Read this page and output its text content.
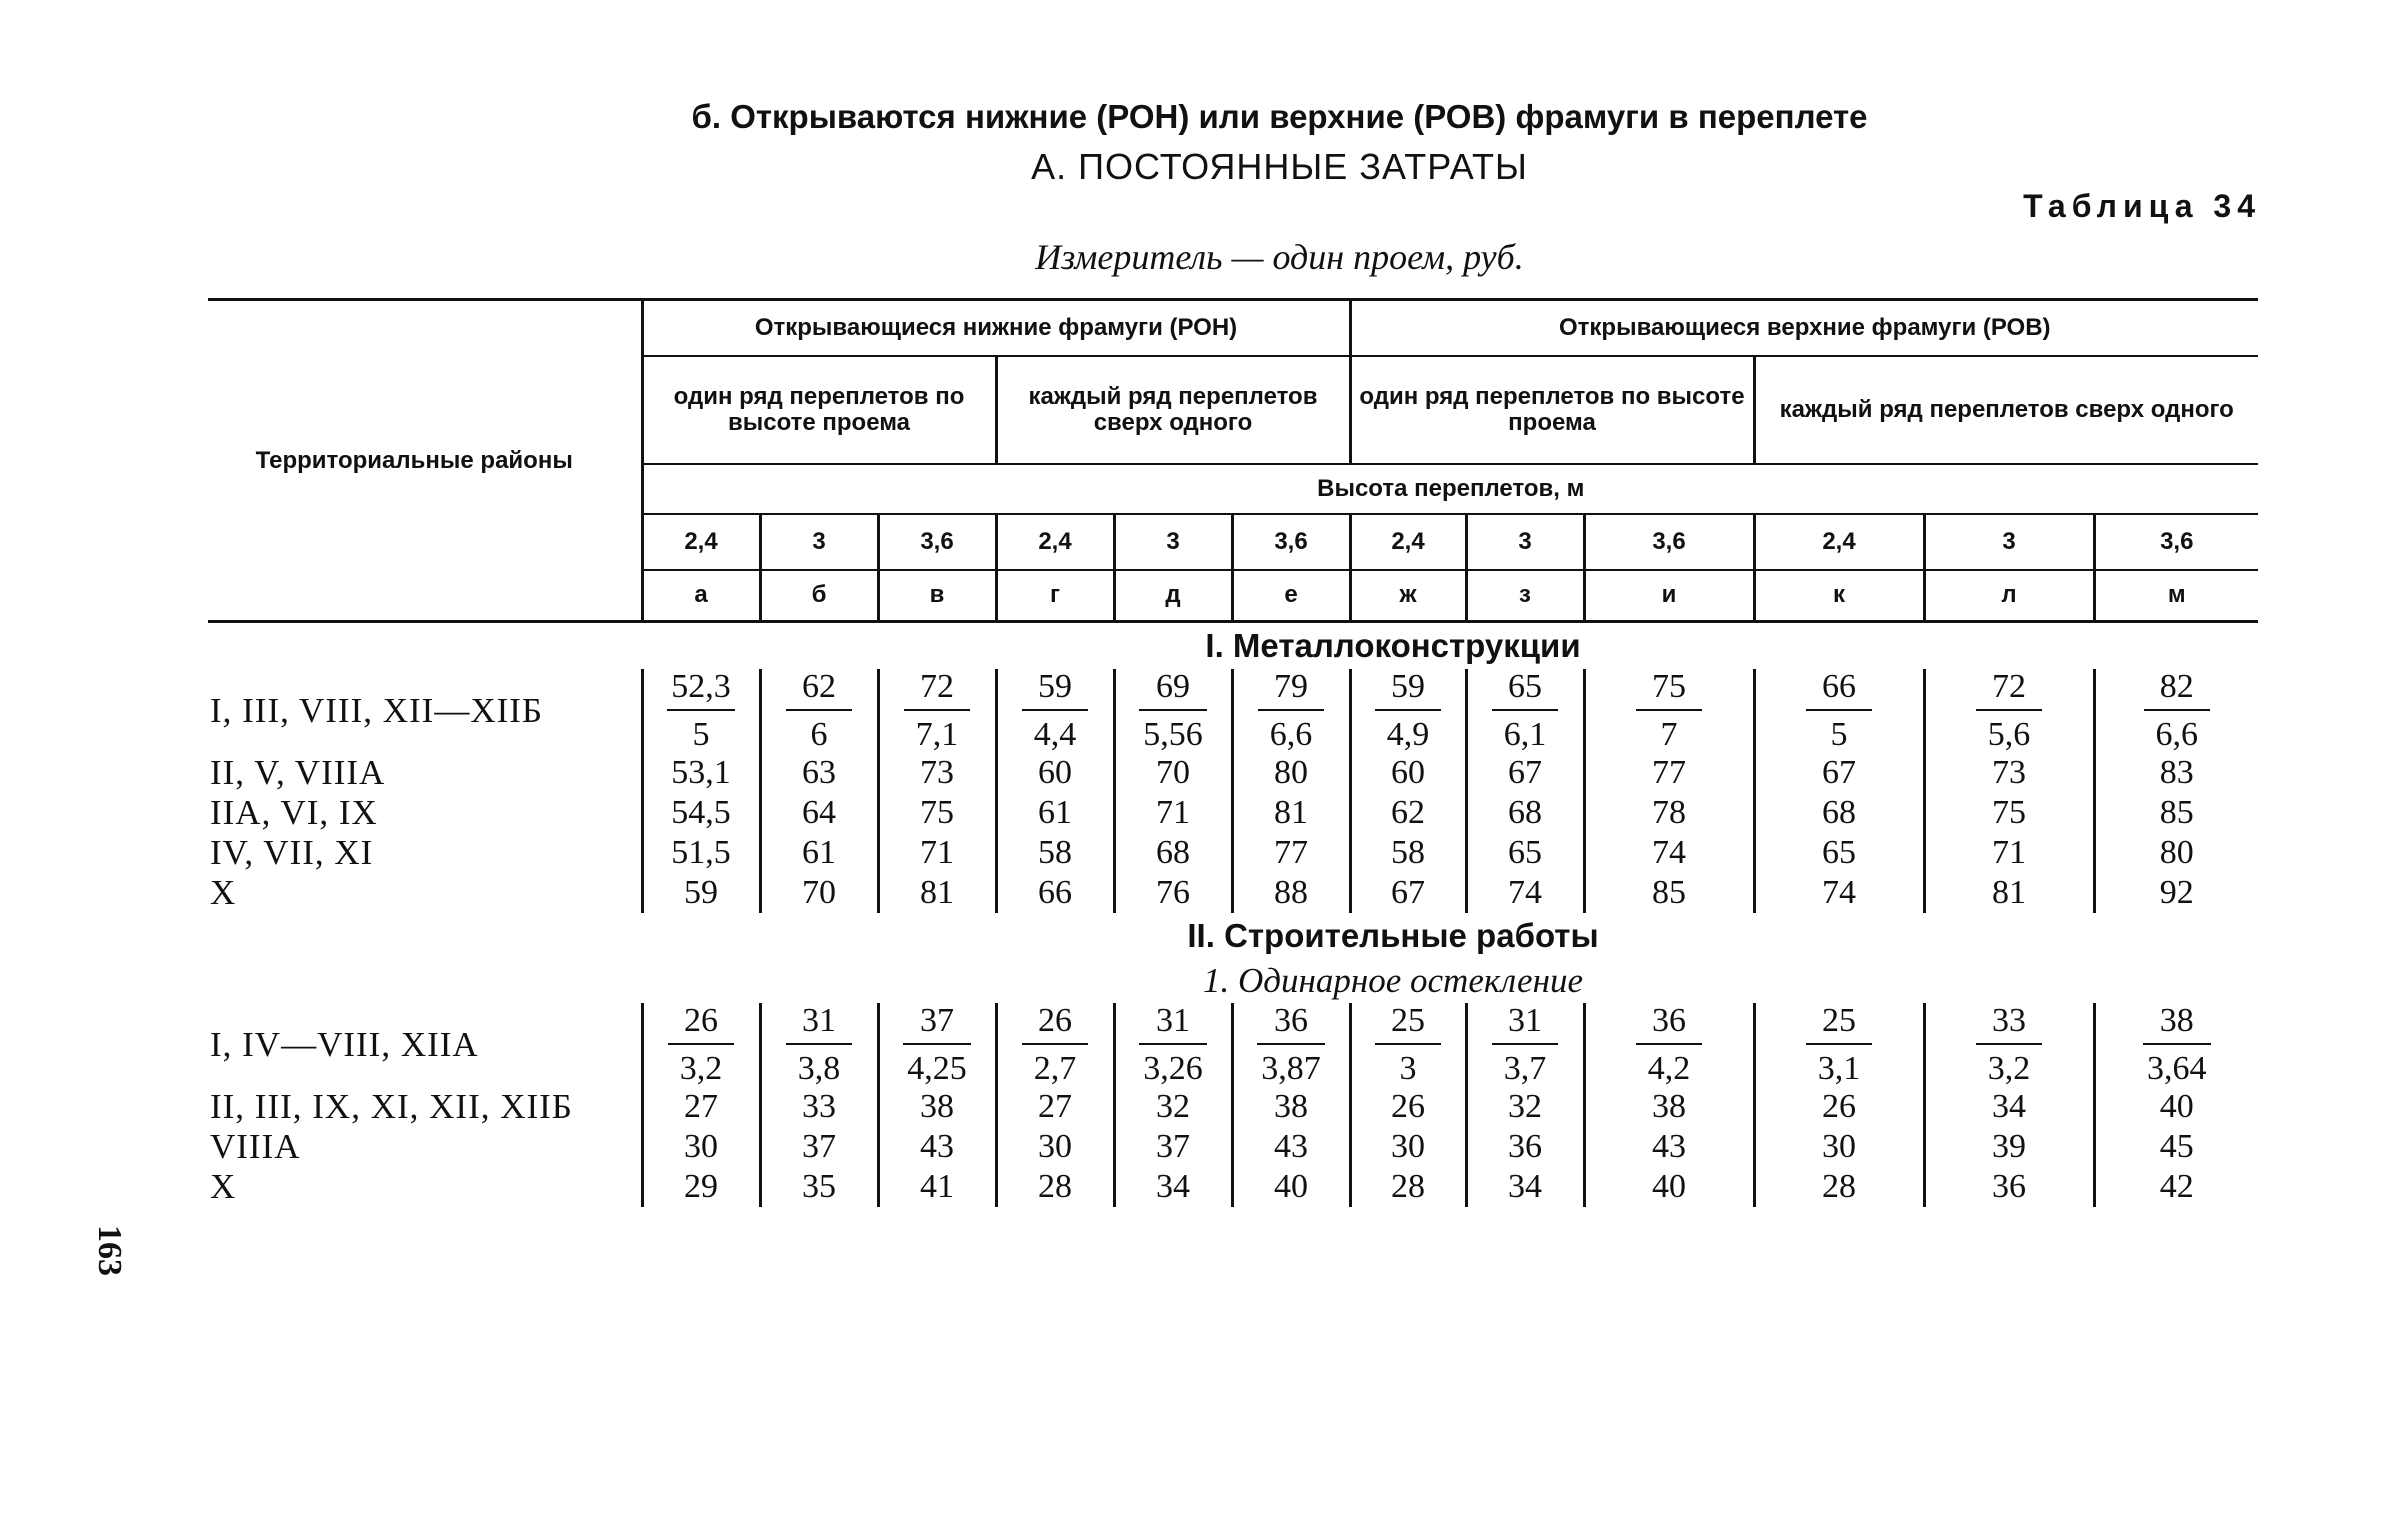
б. Открываются нижние (РОН) или верхние (РОВ) фрамуги в переплете
А. ПОСТОЯННЫЕ ЗАТРАТЫ
Таблица 34
Измеритель — один проем, руб.
163
Территориальные районы	Открывающиеся нижние фрамуги (РОН)						Открывающиеся верхние фрамуги (РОВ)					
	один ряд переплетов по высоте проема			каждый ряд переплетов сверх одного			один ряд переплетов по высоте проема			каждый ряд переплетов сверх одного		
	Высота переплетов, м											
	2,4	3	3,6	2,4	3	3,6	2,4	3	3,6	2,4	3	3,6
	а	б	в	г	д	е	ж	з	и	к	л	м
I. Металлоконструкции												
I, III, VIII, XII—XIIБ	$\frac{52,3}{5}$	$\frac{62}{6}$	$\frac{72}{7,1}$	$\frac{59}{4,4}$	$\frac{69}{5,56}$	$\frac{79}{6,6}$	$\frac{59}{4,9}$	$\frac{65}{6,1}$	$\frac{75}{7}$	$\frac{66}{5}$	$\frac{72}{5,6}$	$\frac{82}{6,6}$

II, V, VIIIA	53,1	63	73	60	70	80	60	67	77	67	73	83
IIA, VI, IX	54,5	64	75	61	71	81	62	68	78	68	75	85
IV, VII, XI	51,5	61	71	58	68	77	58	65	74	65	71	80
X	59	70	81	66	76	88	67	74	85	74	81	92
II. Строительные работы												
1. Одинарное остекление												
I, IV—VIII, XIIA	$\frac{26}{3,2}$	$\frac{31}{3,8}$	$\frac{37}{4,25}$	$\frac{26}{2,7}$	$\frac{31}{3,26}$	$\frac{36}{3,87}$	$\frac{25}{3}$	$\frac{31}{3,7}$	$\frac{36}{4,2}$	$\frac{25}{3,1}$	$\frac{33}{3,2}$	$\frac{38}{3,64}$

II, III, IX, XI, XII, XIIБ	27	33	38	27	32	38	26	32	38	26	34	40
VIIIA	30	37	43	30	37	43	30	36	43	30	39	45
X	29	35	41	28	34	40	28	34	40	28	36	42
